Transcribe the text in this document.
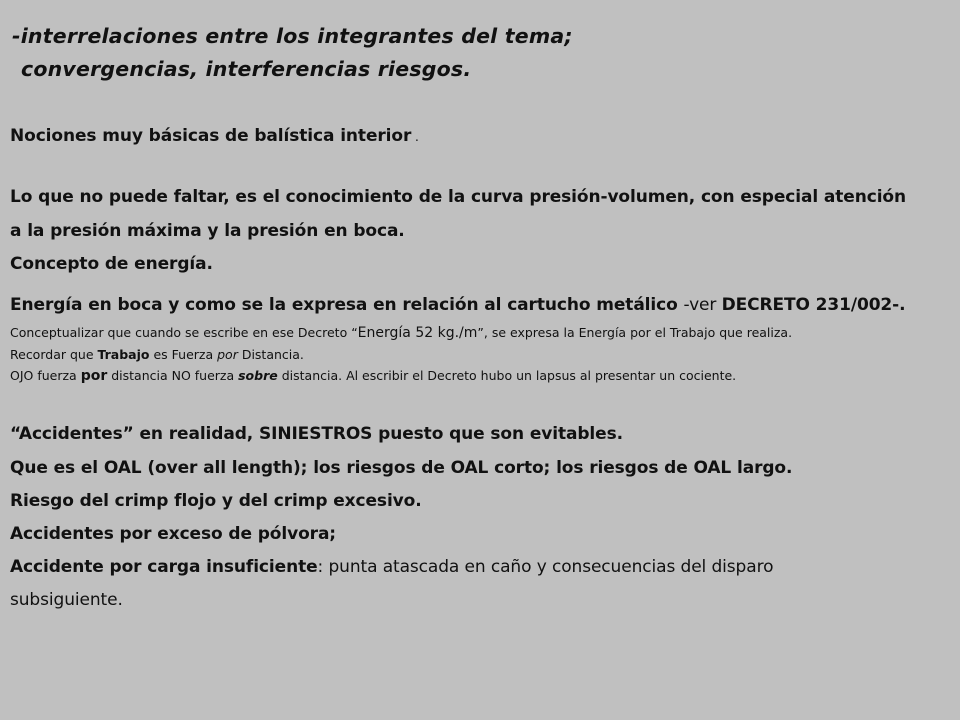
-interrelaciones entre los integrantes del tema;
convergencias, interferencias riesgos.
Nociones muy básicas de balística interior .
Lo que no puede faltar, es el conocimiento de la curva presión-volumen, con especial atención
a la presión máxima y la presión en boca.
Concepto de energía.
Energía en boca y como se la expresa en relación al cartucho metálico -ver DECRETO 231/002-.
Conceptualizar que cuando se escribe en ese Decreto “Energía 52 kg./m”, se expresa la Energía por el Trabajo que realiza.
Recordar que Trabajo es Fuerza por Distancia.
OJO fuerza por distancia NO fuerza sobre distancia. Al escribir el Decreto hubo un lapsus al presentar un cociente.
“Accidentes” en realidad, SINIESTROS puesto que son evitables.
Que es el OAL (over all length); los riesgos de OAL corto; los riesgos de OAL largo.
Riesgo del crimp flojo y del crimp excesivo.
Accidentes por exceso de pólvora;
Accidente por carga insuficiente: punta atascada en caño y consecuencias del disparo
subsiguiente.
